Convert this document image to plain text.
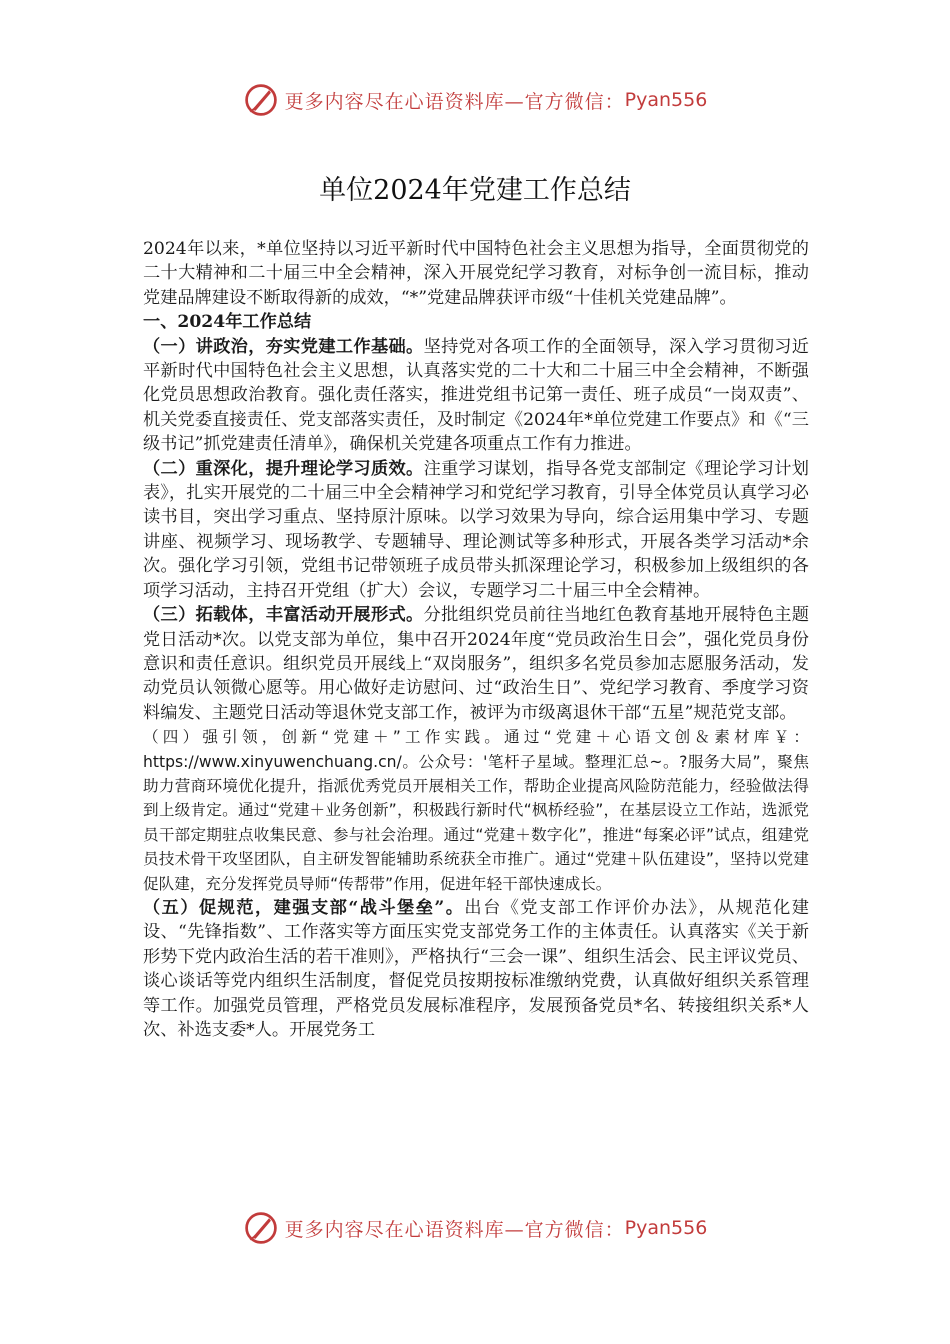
更多内容尽在心语资料库—官方微信： Pyan556
单位2024年党建工作总结

2024年以来，*单位坚持以习近平新时代中国特色社会主义思想为指导，全面贯彻党的二十大精神和二十届三中全会精神，深入开展党纪学习教育，对标争创一流目标，推动党建品牌建设不断取得新的成效，“*”党建品牌获评市级“十佳机关党建品牌”。

一、2024年工作总结

（一）讲政治，夯实党建工作基础。坚持党对各项工作的全面领导，深入学习贯彻习近平新时代中国特色社会主义思想，认真落实党的二十大和二十届三中全会精神，不断强化党员思想政治教育。强化责任落实，推进党组书记第一责任、班子成员“一岗双责”、机关党委直接责任、党支部落实责任，及时制定《2024年*单位党建工作要点》和《“三级书记”抓党建责任清单》，确保机关党建各项重点工作有力推进。

（二）重深化，提升理论学习质效。注重学习谋划，指导各党支部制定《理论学习计划表》，扎实开展党的二十届三中全会精神学习和党纪学习教育，引导全体党员认真学习必读书目，突出学习重点、坚持原汁原味。以学习效果为导向，综合运用集中学习、专题讲座、视频学习、现场教学、专题辅导、理论测试等多种形式，开展各类学习活动*余次。强化学习引领，党组书记带领班子成员带头抓深理论学习，积极参加上级组织的各项学习活动，主持召开党组（扩大）会议，专题学习二十届三中全会精神。

（三）拓载体，丰富活动开展形式。分批组织党员前往当地红色教育基地开展特色主题党日活动*次。以党支部为单位，集中召开2024年度“党员政治生日会”，强化党员身份意识和责任意识。组织党员开展线上“双岗服务”，组织多名党员参加志愿服务活动，发动党员认领微心愿等。用心做好走访慰问、过“政治生日”、党纪学习教育、季度学习资料编发、主题党日活动等退休党支部工作，被评为市级离退休干部“五星”规范党支部。

（四）强引领，创新“党建＋”工作实践。通过“党建＋心语文创＆素材库￥：https://www.xinyuwenchuang.cn/。公众号：'笔杆子星域。整理汇总~。?服务大局”，聚焦助力营商环境优化提升，指派优秀党员开展相关工作，帮助企业提高风险防范能力，经验做法得到上级肯定。通过“党建＋业务创新”，积极践行新时代“枫桥经验”，在基层设立工作站，选派党员干部定期驻点收集民意、参与社会治理。通过“党建＋数字化”，推进“每案必评”试点，组建党员技术骨干攻坚团队，自主研发智能辅助系统获全市推广。通过“党建＋队伍建设”，坚持以党建促队建，充分发挥党员导师“传帮带”作用，促进年轻干部快速成长。

（五）促规范，建强支部“战斗堡垒”。出台《党支部工作评价办法》，从规范化建设、“先锋指数”、工作落实等方面压实党支部党务工作的主体责任。认真落实《关于新形势下党内政治生活的若干准则》，严格执行“三会一课”、组织生活会、民主评议党员、谈心谈话等党内组织生活制度，督促党员按期按标准缴纳党费，认真做好组织关系管理等工作。加强党员管理，严格党员发展标准程序，发展预备党员*名、转接组织关系*人次、补选支委*人。开展党务工

更多内容尽在心语资料库—官方微信： Pyan556
